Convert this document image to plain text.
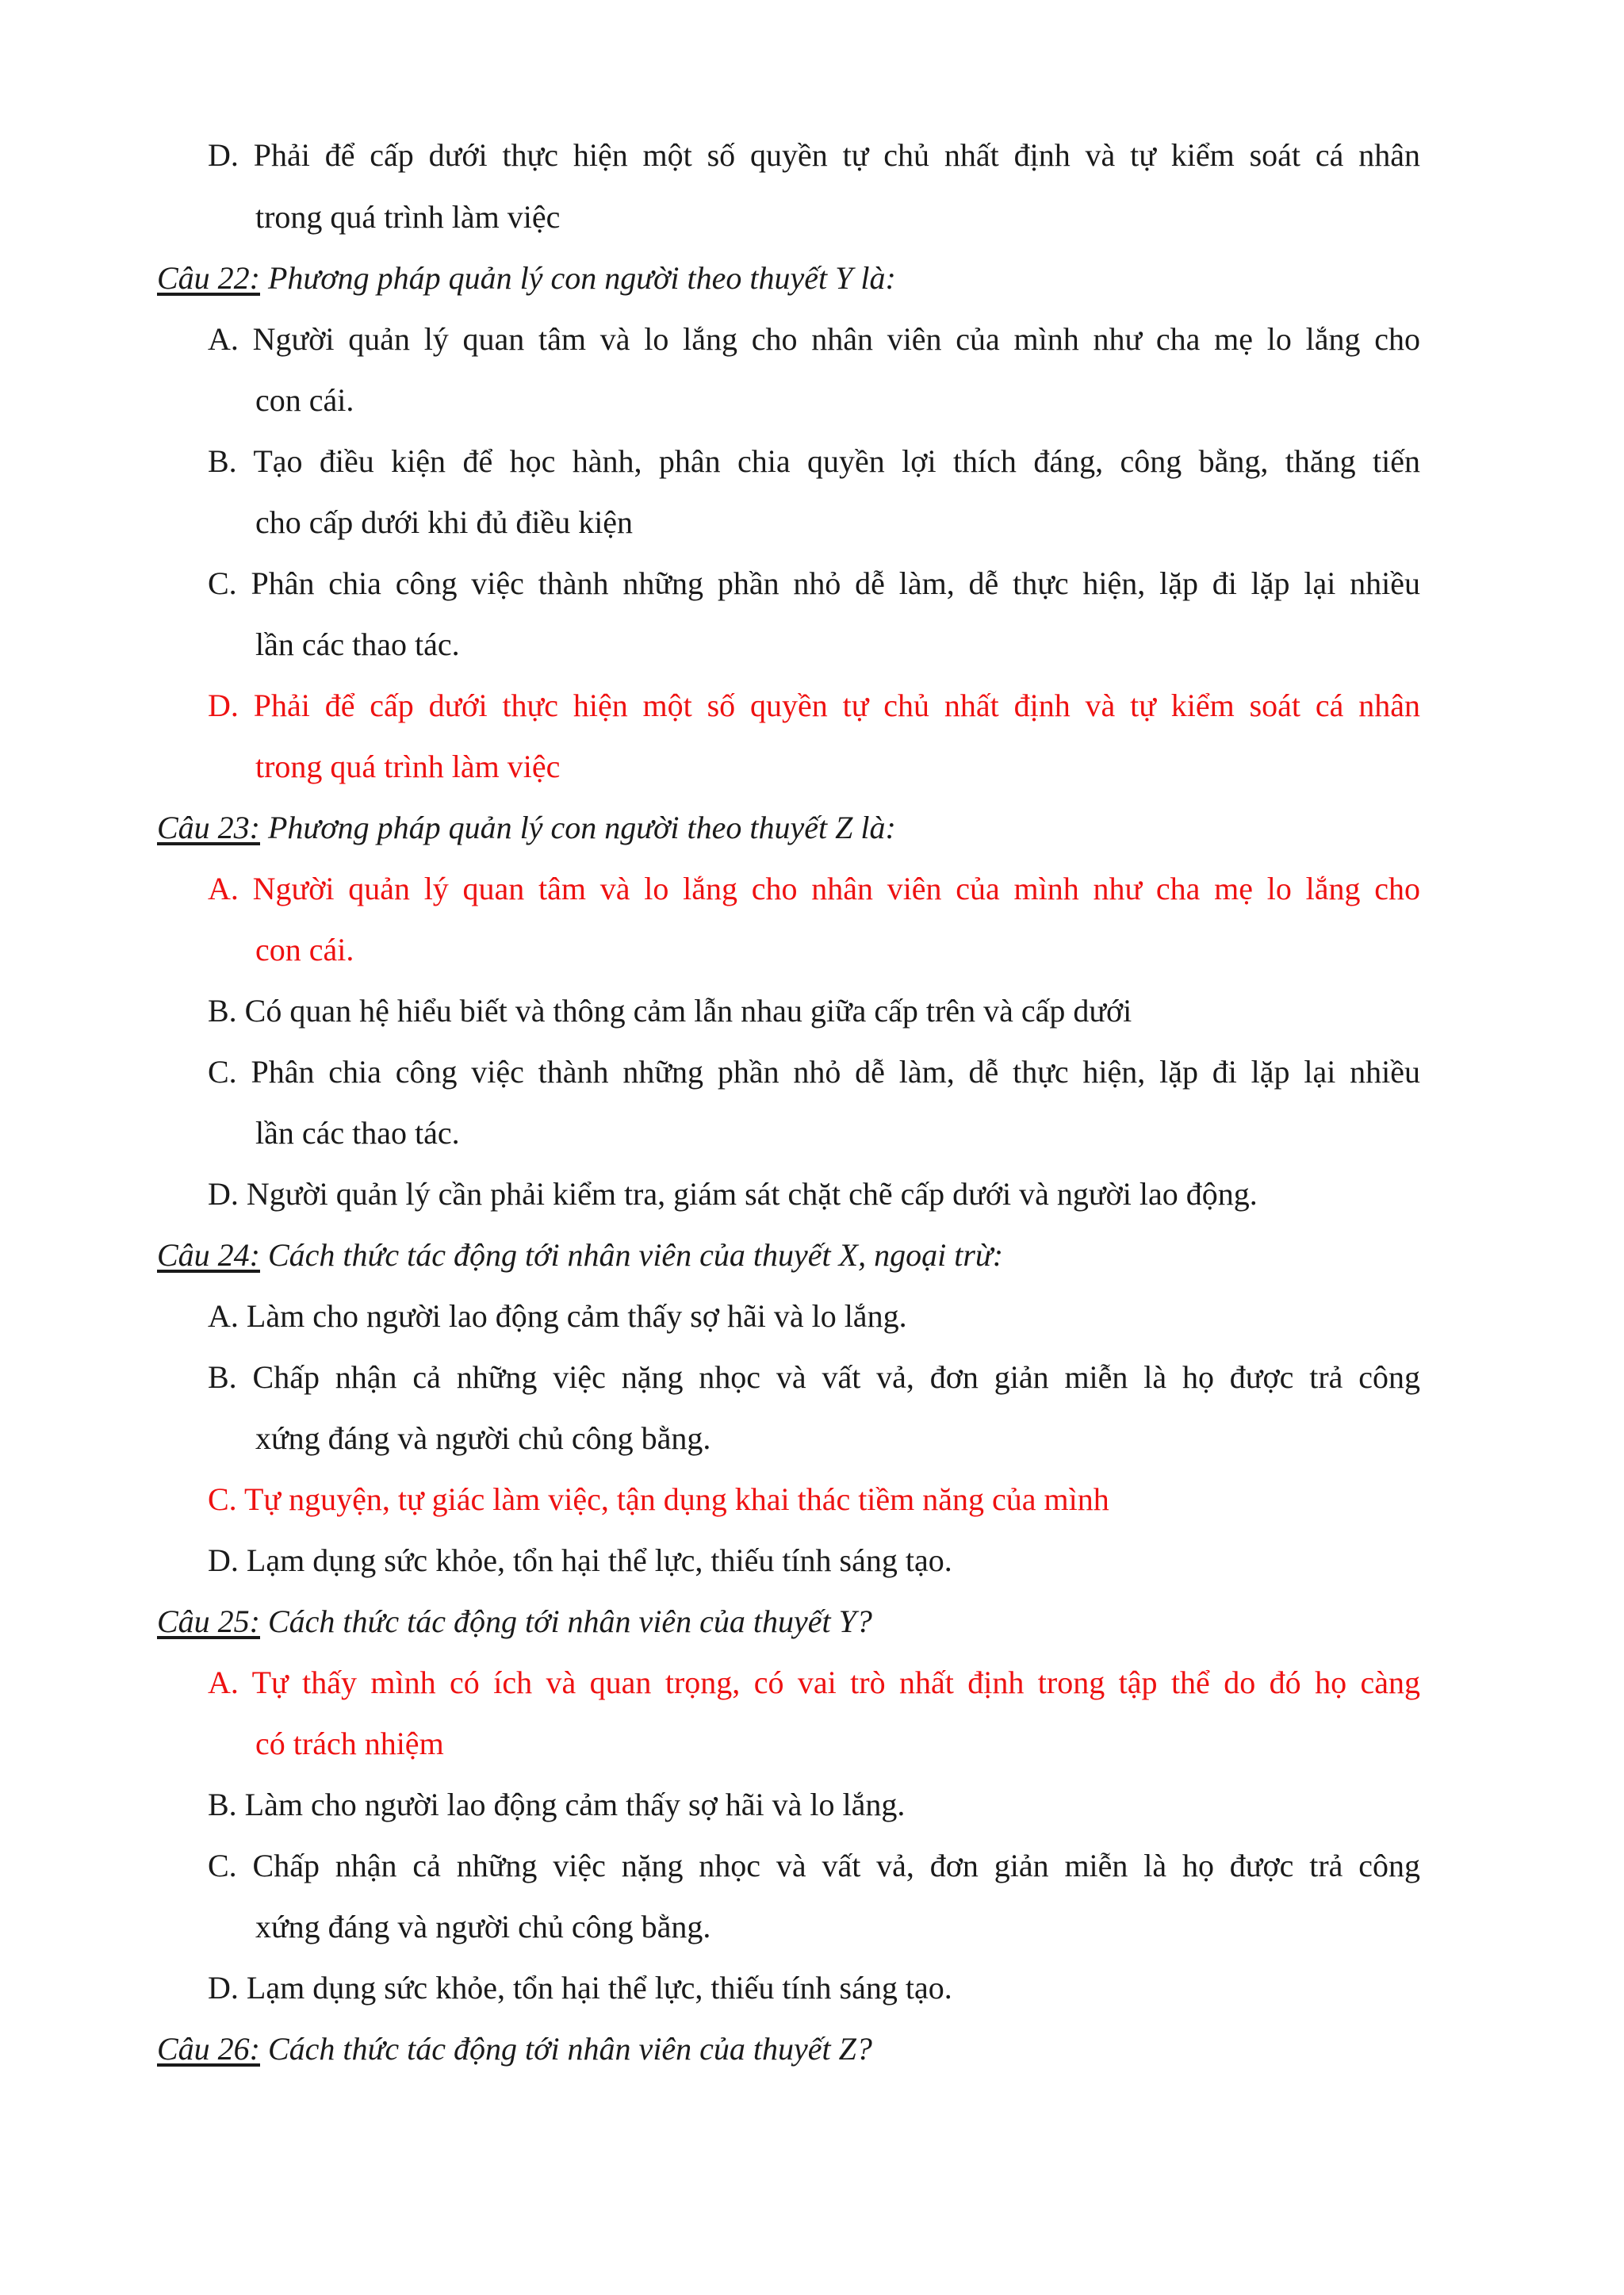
D. Phải để cấp dưới thực hiện một số quyền tự chủ nhất định và tự kiểm soát cá nhân
trong quá trình làm việc
Câu 22: Phương pháp quản lý con người theo thuyết Y là:
A. Người quản lý quan tâm và lo lắng cho nhân viên của mình như cha mẹ lo lắng cho
con cái.
B. Tạo điều kiện để học hành, phân chia quyền lợi thích đáng, công bằng, thăng tiến
cho cấp dưới khi đủ điều kiện
C. Phân chia công việc thành những phần nhỏ dễ làm, dễ thực hiện, lặp đi lặp lại nhiều
lần các thao tác.
D. Phải để cấp dưới thực hiện một số quyền tự chủ nhất định và tự kiểm soát cá nhân
trong quá trình làm việc
Câu 23: Phương pháp quản lý con người theo thuyết Z là:
A. Người quản lý quan tâm và lo lắng cho nhân viên của mình như cha mẹ lo lắng cho
con cái.
B. Có quan hệ hiểu biết và thông cảm lẫn nhau giữa cấp trên và cấp dưới
C. Phân chia công việc thành những phần nhỏ dễ làm, dễ thực hiện, lặp đi lặp lại nhiều
lần các thao tác.
D. Người quản lý cần phải kiểm tra, giám sát chặt chẽ cấp dưới và người lao động.
Câu 24: Cách thức tác động tới nhân viên của thuyết X, ngoại trừ:
A. Làm cho người lao động cảm thấy sợ hãi và lo lắng.
B. Chấp nhận cả những việc nặng nhọc và vất vả, đơn giản miễn là họ được trả công
xứng đáng và người chủ công bằng.
C. Tự nguyện, tự giác làm việc, tận dụng khai thác tiềm năng của mình
D. Lạm dụng sức khỏe, tổn hại thể lực, thiếu tính sáng tạo.
Câu 25: Cách thức tác động tới nhân viên của thuyết Y?
A. Tự thấy mình có ích và quan trọng, có vai trò nhất định trong tập thể do đó họ càng
có trách nhiệm
B. Làm cho người lao động cảm thấy sợ hãi và lo lắng.
C. Chấp nhận cả những việc nặng nhọc và vất vả, đơn giản miễn là họ được trả công
xứng đáng và người chủ công bằng.
D. Lạm dụng sức khỏe, tổn hại thể lực, thiếu tính sáng tạo.
Câu 26: Cách thức tác động tới nhân viên của thuyết Z?
